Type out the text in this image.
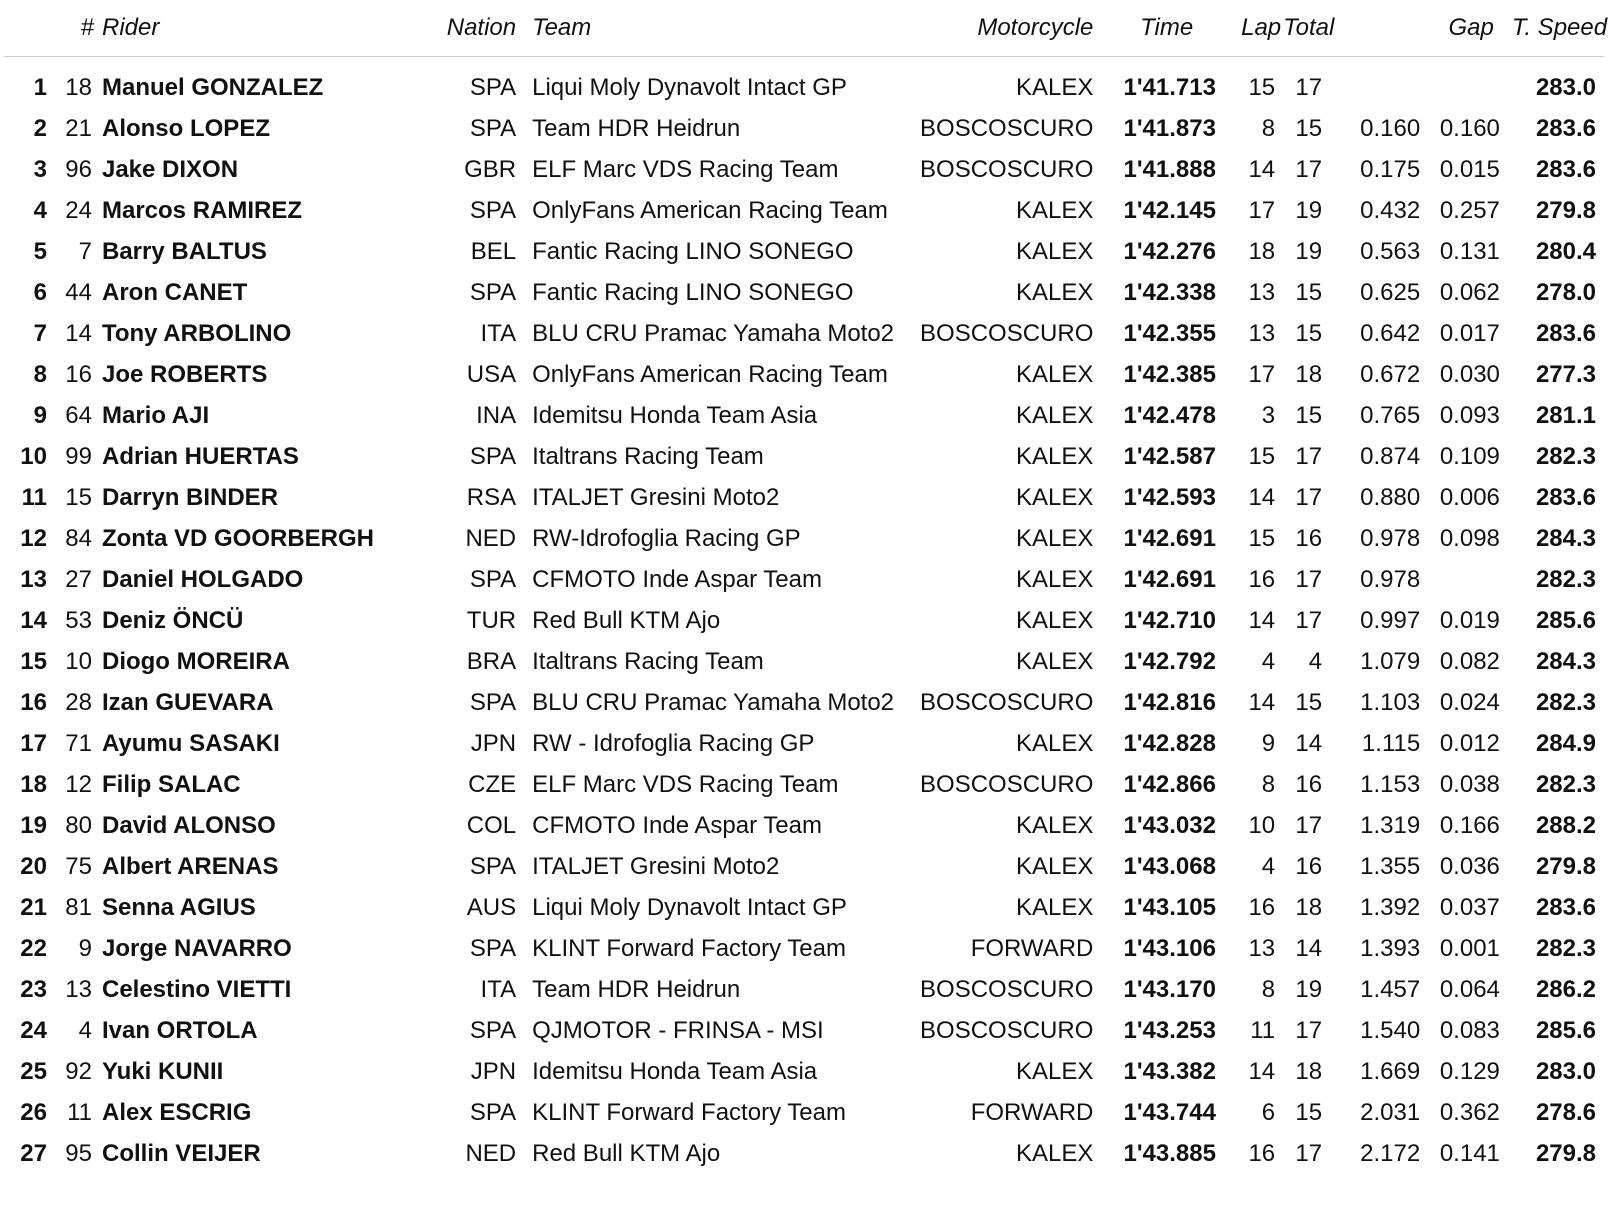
	#	Rider	Nation	Team	Motorcycle	Time	Lap	Total	Gap		T. Speed

1	18	Manuel GONZALEZ	SPA	Liqui Moly Dynavolt Intact GP	KALEX	1'41.713	15	17			283.0
2	21	Alonso LOPEZ	SPA	Team HDR Heidrun	BOSCOSCURO	1'41.873	8	15	0.160	0.160	283.6
3	96	Jake DIXON	GBR	ELF Marc VDS Racing Team	BOSCOSCURO	1'41.888	14	17	0.175	0.015	283.6
4	24	Marcos RAMIREZ	SPA	OnlyFans American Racing Team	KALEX	1'42.145	17	19	0.432	0.257	279.8
5	7	Barry BALTUS	BEL	Fantic Racing LINO SONEGO	KALEX	1'42.276	18	19	0.563	0.131	280.4
6	44	Aron CANET	SPA	Fantic Racing LINO SONEGO	KALEX	1'42.338	13	15	0.625	0.062	278.0
7	14	Tony ARBOLINO	ITA	BLU CRU Pramac Yamaha Moto2	BOSCOSCURO	1'42.355	13	15	0.642	0.017	283.6
8	16	Joe ROBERTS	USA	OnlyFans American Racing Team	KALEX	1'42.385	17	18	0.672	0.030	277.3
9	64	Mario AJI	INA	Idemitsu Honda Team Asia	KALEX	1'42.478	3	15	0.765	0.093	281.1
10	99	Adrian HUERTAS	SPA	Italtrans Racing Team	KALEX	1'42.587	15	17	0.874	0.109	282.3
11	15	Darryn BINDER	RSA	ITALJET Gresini Moto2	KALEX	1'42.593	14	17	0.880	0.006	283.6
12	84	Zonta VD GOORBERGH	NED	RW-Idrofoglia Racing GP	KALEX	1'42.691	15	16	0.978	0.098	284.3
13	27	Daniel HOLGADO	SPA	CFMOTO Inde Aspar Team	KALEX	1'42.691	16	17	0.978		282.3
14	53	Deniz ÖNCÜ	TUR	Red Bull KTM Ajo	KALEX	1'42.710	14	17	0.997	0.019	285.6
15	10	Diogo MOREIRA	BRA	Italtrans Racing Team	KALEX	1'42.792	4	4	1.079	0.082	284.3
16	28	Izan GUEVARA	SPA	BLU CRU Pramac Yamaha Moto2	BOSCOSCURO	1'42.816	14	15	1.103	0.024	282.3
17	71	Ayumu SASAKI	JPN	RW - Idrofoglia Racing GP	KALEX	1'42.828	9	14	1.115	0.012	284.9
18	12	Filip SALAC	CZE	ELF Marc VDS Racing Team	BOSCOSCURO	1'42.866	8	16	1.153	0.038	282.3
19	80	David ALONSO	COL	CFMOTO Inde Aspar Team	KALEX	1'43.032	10	17	1.319	0.166	288.2
20	75	Albert ARENAS	SPA	ITALJET Gresini Moto2	KALEX	1'43.068	4	16	1.355	0.036	279.8
21	81	Senna AGIUS	AUS	Liqui Moly Dynavolt Intact GP	KALEX	1'43.105	16	18	1.392	0.037	283.6
22	9	Jorge NAVARRO	SPA	KLINT Forward Factory Team	FORWARD	1'43.106	13	14	1.393	0.001	282.3
23	13	Celestino VIETTI	ITA	Team HDR Heidrun	BOSCOSCURO	1'43.170	8	19	1.457	0.064	286.2
24	4	Ivan ORTOLA	SPA	QJMOTOR - FRINSA - MSI	BOSCOSCURO	1'43.253	11	17	1.540	0.083	285.6
25	92	Yuki KUNII	JPN	Idemitsu Honda Team Asia	KALEX	1'43.382	14	18	1.669	0.129	283.0
26	11	Alex ESCRIG	SPA	KLINT Forward Factory Team	FORWARD	1'43.744	6	15	2.031	0.362	278.6
27	95	Collin VEIJER	NED	Red Bull KTM Ajo	KALEX	1'43.885	16	17	2.172	0.141	279.8
